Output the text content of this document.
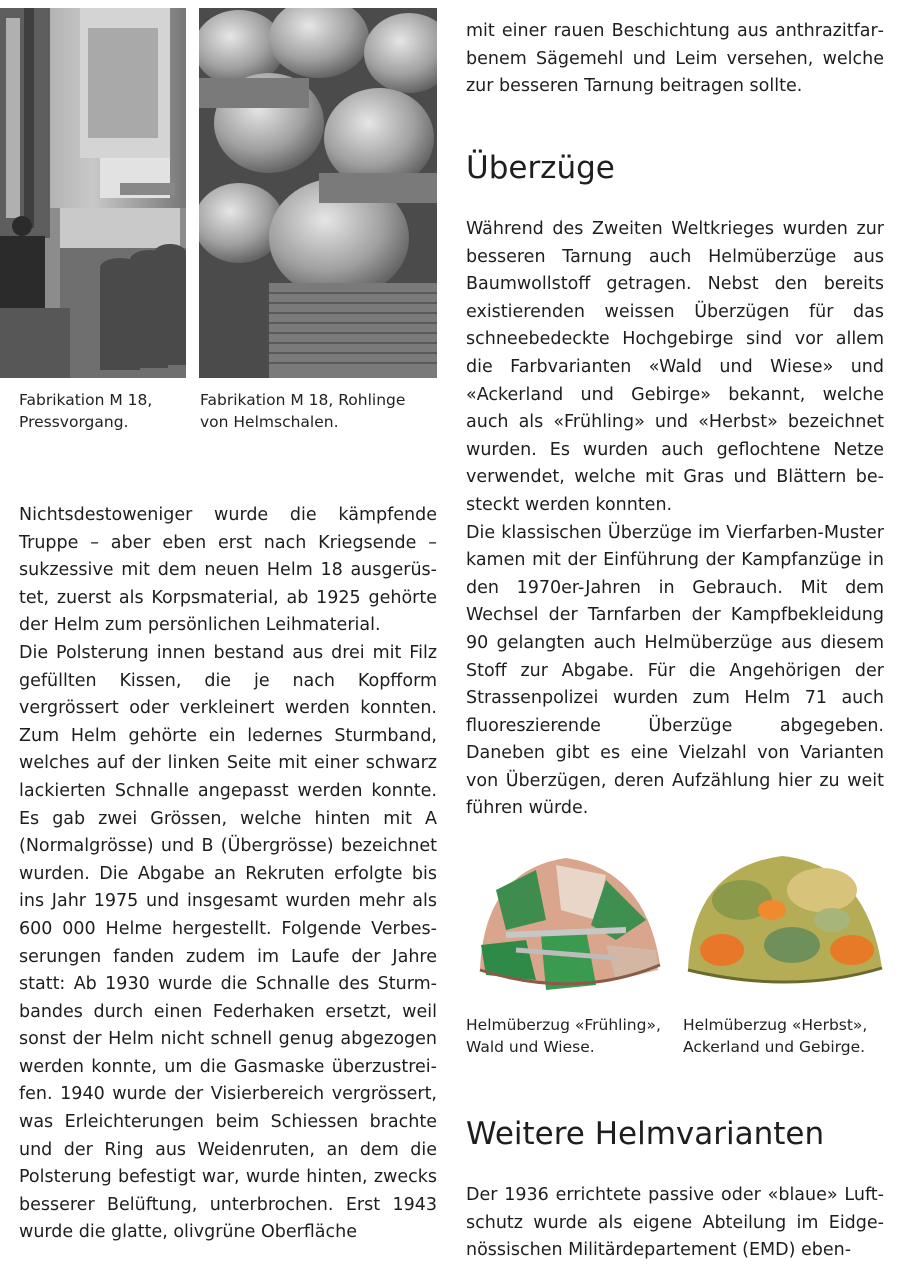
Fabrikation M 18, Pressvorgang.

Fabrikation M 18, Rohlinge von Helmschalen.

Nichtsdestoweniger wurde die kämpfende Truppe – aber eben erst nach Kriegsende – sukzessive mit dem neuen Helm 18 ausgerüstet, zuerst als Korpsmaterial, ab 1925 gehörte der Helm zum persönlichen Leihmaterial.

Die Polsterung innen bestand aus drei mit Filz gefüllten Kissen, die je nach Kopfform vergrössert oder verkleinert werden konnten. Zum Helm gehörte ein ledernes Sturmband, welches auf der linken Seite mit einer schwarz lackierten Schnalle angepasst werden konnte. Es gab zwei Grössen, welche hinten mit A (Normalgrösse) und B (Übergrösse) bezeichnet wurden. Die Abgabe an Rekruten erfolgte bis ins Jahr 1975 und insgesamt wurden mehr als 600 000 Helme hergestellt. Folgende Verbesserungen fanden zudem im Laufe der Jahre statt: Ab 1930 wurde die Schnalle des Sturmbandes durch einen Federhaken ersetzt, weil sonst der Helm nicht schnell genug abgezogen werden konnte, um die Gasmaske überzustreifen. 1940 wurde der Visierbereich vergrössert, was Erleichterungen beim Schiessen brachte und der Ring aus Weidenruten, an dem die Polsterung befestigt war, wurde hinten, zwecks besserer Belüftung, unterbrochen. Erst 1943 wurde die glatte, olivgrüne Oberfläche

mit einer rauen Beschichtung aus anthrazitfarbenem Sägemehl und Leim versehen, welche zur besseren Tarnung beitragen sollte.

Überzüge

Während des Zweiten Weltkrieges wurden zur besseren Tarnung auch Helmüberzüge aus Baumwollstoff getragen. Nebst den bereits existierenden weissen Überzügen für das schneebedeckte Hochgebirge sind vor allem die Farbvarianten «Wald und Wiese» und «Ackerland und Gebirge» bekannt, welche auch als «Frühling» und «Herbst» bezeichnet wurden. Es wurden auch geflochtene Netze verwendet, welche mit Gras und Blättern besteckt werden konnten.

Die klassischen Überzüge im Vierfarben-Muster kamen mit der Einführung der Kampfanzüge in den 1970er-Jahren in Gebrauch. Mit dem Wechsel der Tarnfarben der Kampfbekleidung 90 gelangten auch Helmüberzüge aus diesem Stoff zur Abgabe. Für die Angehörigen der Strassenpolizei wurden zum Helm 71 auch fluoreszierende Überzüge abgegeben. Daneben gibt es eine Vielzahl von Varianten von Überzügen, deren Aufzählung hier zu weit führen würde.

Helmüberzug «Frühling», Wald und Wiese.

Helmüberzug «Herbst», Ackerland und Gebirge.

Weitere Helmvarianten

Der 1936 errichtete passive oder «blaue» Luftschutz wurde als eigene Abteilung im Eidgenössischen Militärdepartement (EMD) eben-
